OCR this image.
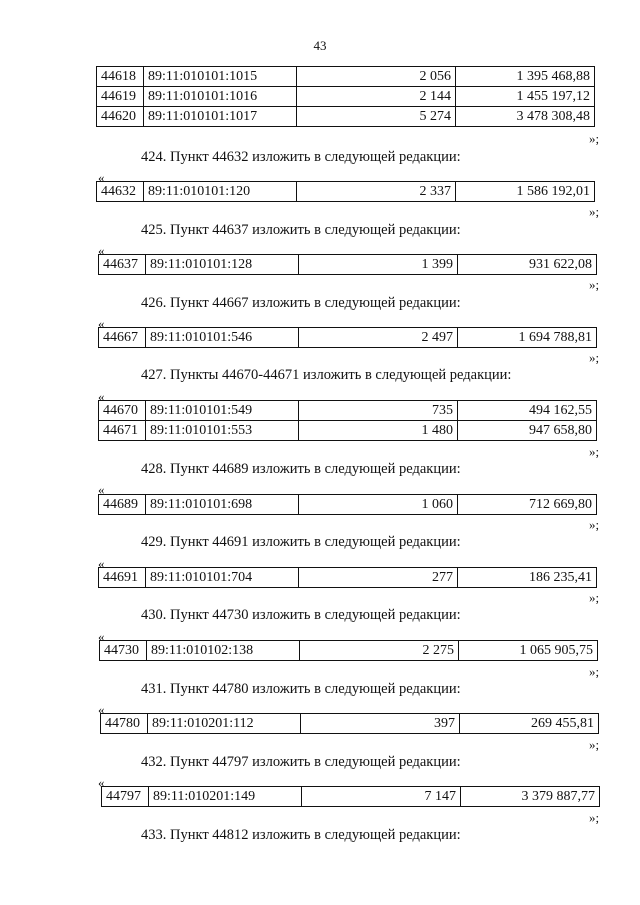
43
44618	89:11:010101:1015	2 056	1 395 468,88
44619	89:11:010101:1016	2 144	1 455 197,12
44620	89:11:010101:1017	5 274	3 478 308,48
»;
424. Пункт 44632 изложить в следующей редакции:
«
44632	89:11:010101:120	2 337	1 586 192,01
»;
425. Пункт 44637 изложить в следующей редакции:
«
44637	89:11:010101:128	1 399	931 622,08
»;
426. Пункт 44667 изложить в следующей редакции:
«
44667	89:11:010101:546	2 497	1 694 788,81
»;
427. Пункты 44670-44671 изложить в следующей редакции:
«
44670	89:11:010101:549	735	494 162,55
44671	89:11:010101:553	1 480	947 658,80
»;
428. Пункт 44689 изложить в следующей редакции:
«
44689	89:11:010101:698	1 060	712 669,80
»;
429. Пункт 44691 изложить в следующей редакции:
«
44691	89:11:010101:704	277	186 235,41
»;
430. Пункт 44730 изложить в следующей редакции:
«
44730	89:11:010102:138	2 275	1 065 905,75
»;
431. Пункт 44780 изложить в следующей редакции:
«
44780	89:11:010201:112	397	269 455,81
»;
432. Пункт 44797 изложить в следующей редакции:
«
44797	89:11:010201:149	7 147	3 379 887,77
»;
433. Пункт 44812 изложить в следующей редакции:
